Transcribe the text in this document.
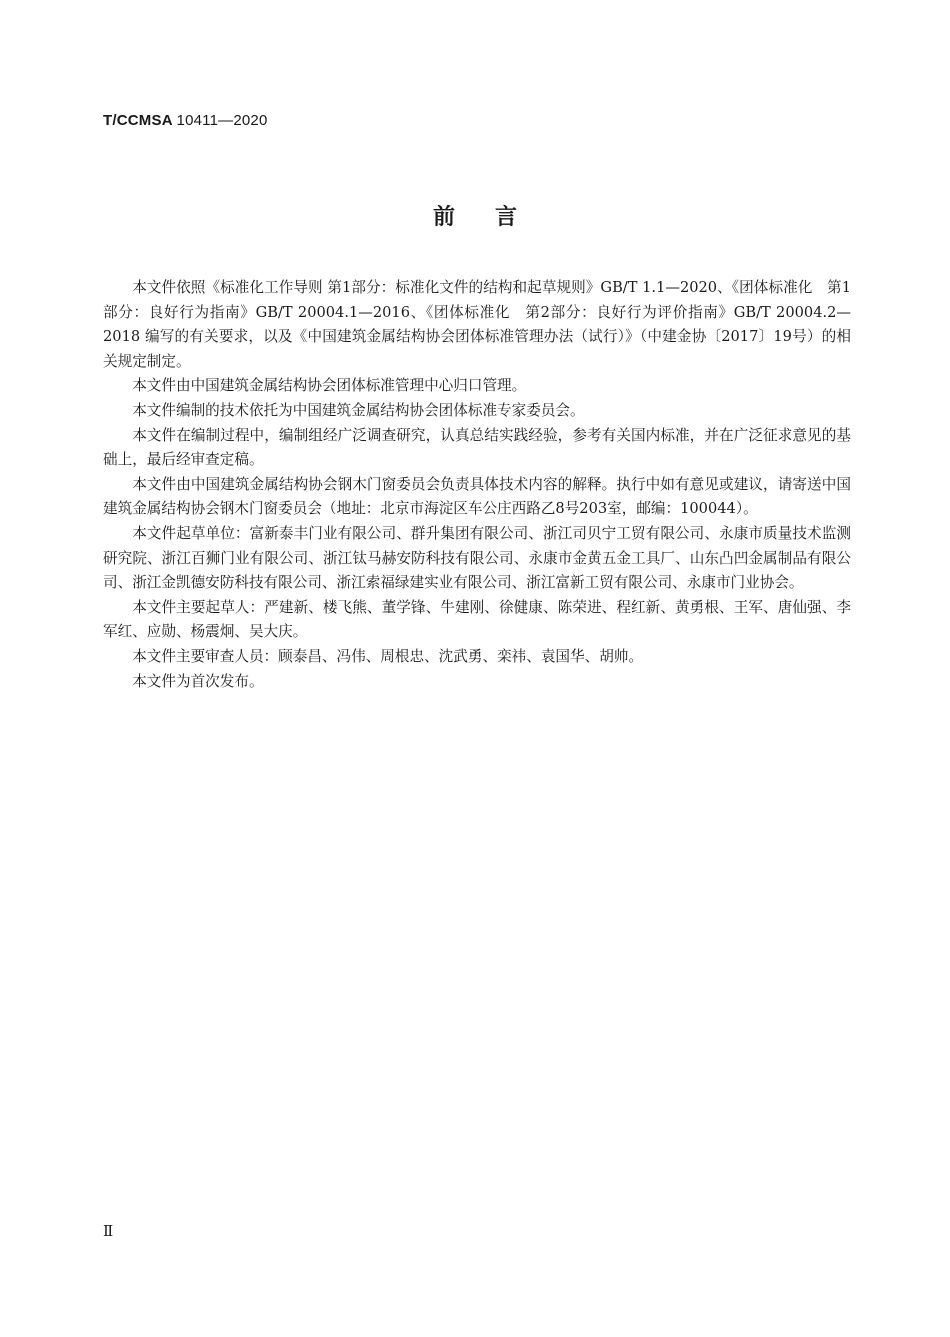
T/CCMSA 10411—2020
前言

本文件依照《标准化工作导则 第1部分：标准化文件的结构和起草规则》GB/T 1.1—2020、《团体标准化　第1部分：良好行为指南》GB/T 20004.1—2016、《团体标准化　第2部分：良好行为评价指南》GB/T 20004.2—2018 编写的有关要求，以及《中国建筑金属结构协会团体标准管理办法（试行）》（中建金协〔2017〕19号）的相关规定制定。

本文件由中国建筑金属结构协会团体标准管理中心归口管理。

本文件编制的技术依托为中国建筑金属结构协会团体标准专家委员会。

本文件在编制过程中，编制组经广泛调查研究，认真总结实践经验，参考有关国内标准，并在广泛征求意见的基础上，最后经审查定稿。

本文件由中国建筑金属结构协会钢木门窗委员会负责具体技术内容的解释。执行中如有意见或建议，请寄送中国建筑金属结构协会钢木门窗委员会（地址：北京市海淀区车公庄西路乙8号203室，邮编：100044）。

本文件起草单位：富新泰丰门业有限公司、群升集团有限公司、浙江司贝宁工贸有限公司、永康市质量技术监测研究院、浙江百狮门业有限公司、浙江钛马赫安防科技有限公司、永康市金黄五金工具厂、山东凸凹金属制品有限公司、浙江金凯德安防科技有限公司、浙江索福绿建实业有限公司、浙江富新工贸有限公司、永康市门业协会。

本文件主要起草人：严建新、楼飞熊、董学锋、牛建刚、徐健康、陈荣进、程红新、黄勇根、王军、唐仙强、李军红、应勋、杨震炯、吴大庆。

本文件主要审查人员：顾泰昌、冯伟、周根忠、沈武勇、栾祎、袁国华、胡帅。

本文件为首次发布。

Ⅱ
